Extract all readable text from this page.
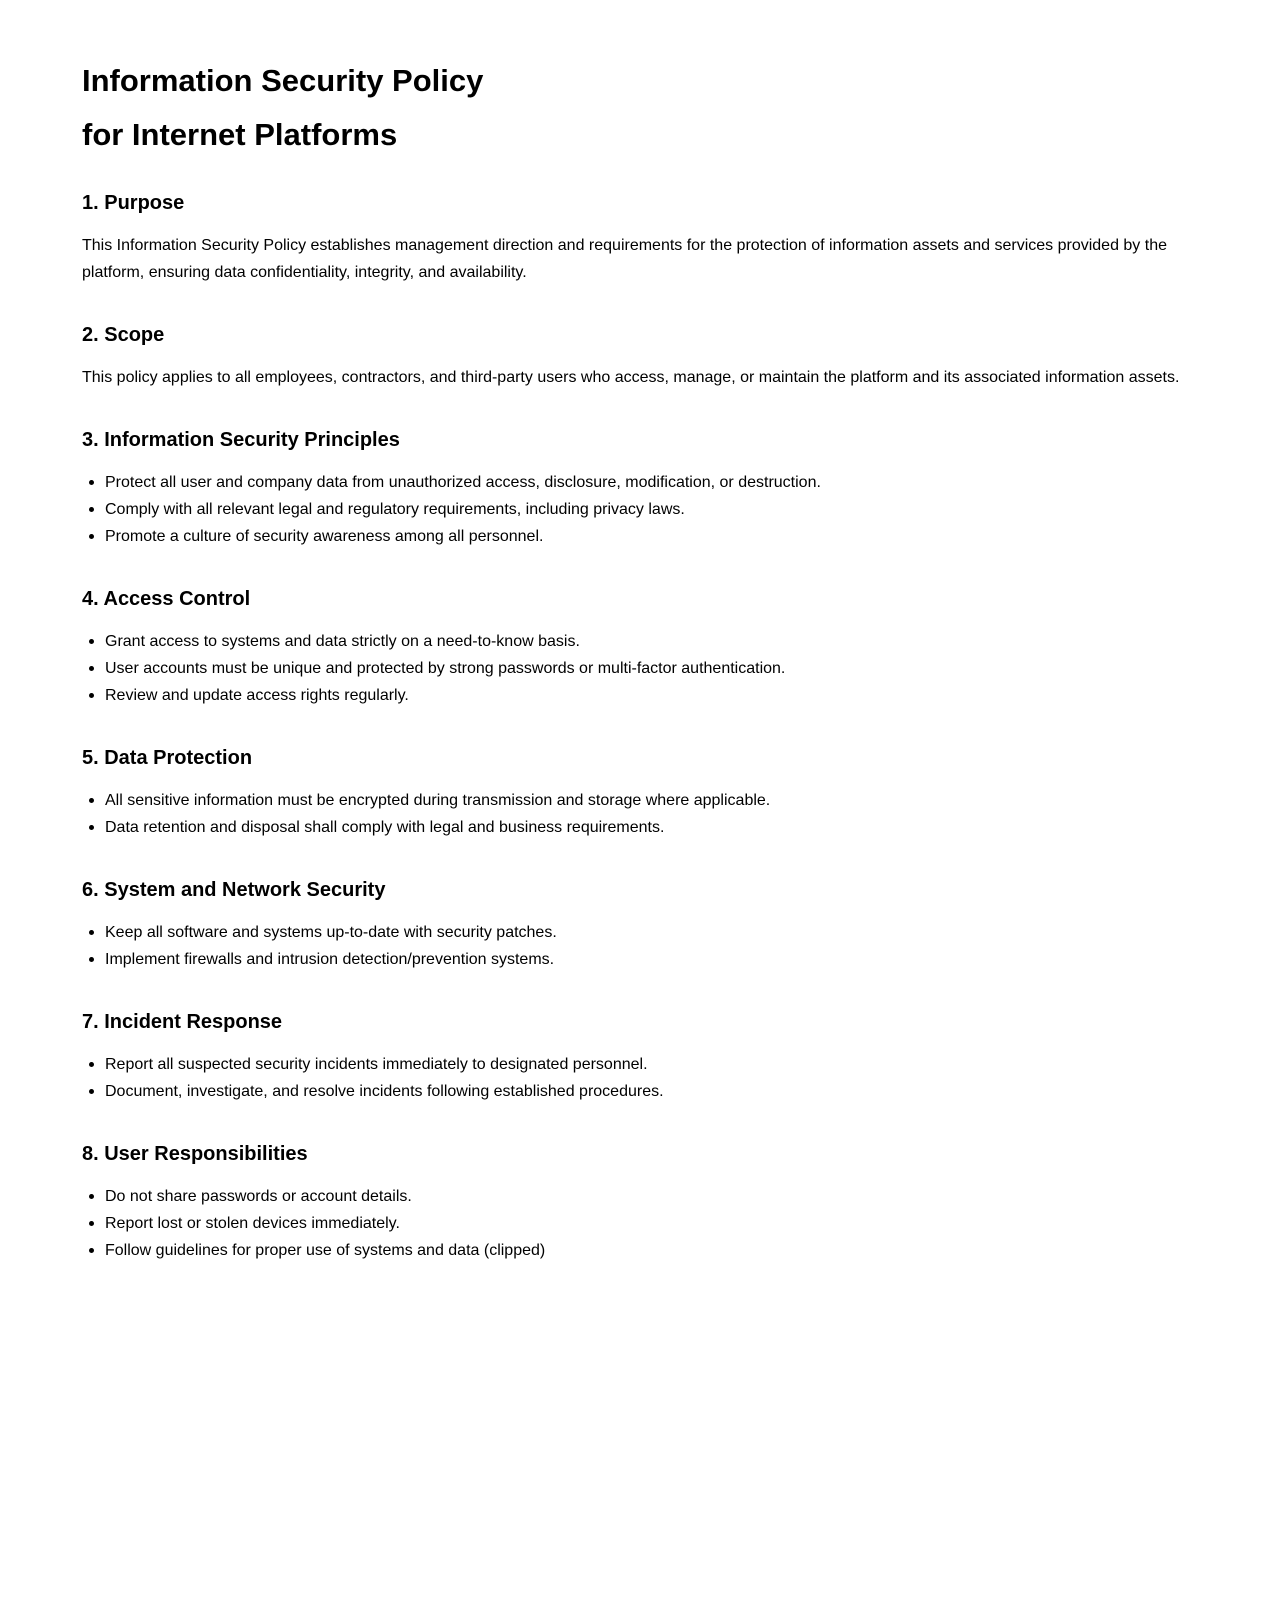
Information Security Policy
for Internet Platforms
1. Purpose

This Information Security Policy establishes management direction and requirements for the protection of information assets and services provided by the platform, ensuring data confidentiality, integrity, and availability.

2. Scope

This policy applies to all employees, contractors, and third-party users who access, manage, or maintain the platform and its associated information assets.

3. Information Security Principles
Protect all user and company data from unauthorized access, disclosure, modification, or destruction.
Comply with all relevant legal and regulatory requirements, including privacy laws.
Promote a culture of security awareness among all personnel.
4. Access Control
Grant access to systems and data strictly on a need-to-know basis.
User accounts must be unique and protected by strong passwords or multi-factor authentication.
Review and update access rights regularly.
5. Data Protection
All sensitive information must be encrypted during transmission and storage where applicable.
Data retention and disposal shall comply with legal and business requirements.
6. System and Network Security
Keep all software and systems up-to-date with security patches.
Implement firewalls and intrusion detection/prevention systems.
7. Incident Response
Report all suspected security incidents immediately to designated personnel.
Document, investigate, and resolve incidents following established procedures.
8. User Responsibilities
Do not share passwords or account details.
Report lost or stolen devices immediately.
Follow guidelines for proper use of systems and data (clipped)
